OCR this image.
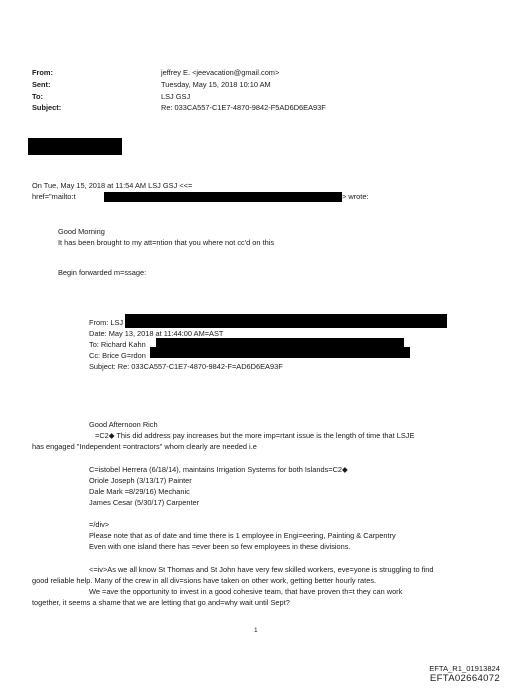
From:	jeffrey E. <jeevacation@gmail.com>
Sent:	Tuesday, May 15, 2018 10:10 AM
To:	LSJ GSJ
Subject:	Re: 033CA557-C1E7-4870-9842-F5AD6D6EA93F
On Tue, May 15, 2018 at 11:54 AM LSJ GSJ <<=
href="mailto:t	> wrote:
Good Morning
It has been brought to my att=ntion that you where not cc'd on this
Begin forwarded m=ssage:
From: LSJ
Date: May 13, 2018 at 11:44:00 AM=AST
To: Richard Kahn
Cc: Brice G=rdon
Subject: Re: 033CA557-C1E7-4870-9842-F=AD6D6EA93F
Good Afternoon Rich
=C2◆ This did address pay increases but the more imp=rtant issue is the length of time that LSJE
has engaged "Independent =ontractors" whom clearly are needed i.e
C=istobel Herrera (6/18/14), maintains Irrigation Systems for both Islands=C2◆
Oriole Joseph (3/13/17) Painter
Dale Mark =8/29/16) Mechanic
James Cesar (5/30/17) Carpenter
=/div>
Please note that as of date and time there is 1 employee in Engi=eering, Painting & Carpentry
Even with one island there has =ever been so few employees in these divisions.
<=iv>As we all know St Thomas and St John have very few skilled workers, eve=yone is struggling to find
good reliable help. Many of the crew in all div=sions have taken on other work, getting better hourly rates.
We =ave the opportunity to invest in a good cohesive team, that have proven th=t they can work
together, it seems a shame that we are letting that go and=why wait until Sept?
1
EFTA_R1_01913824
EFTA02664072
